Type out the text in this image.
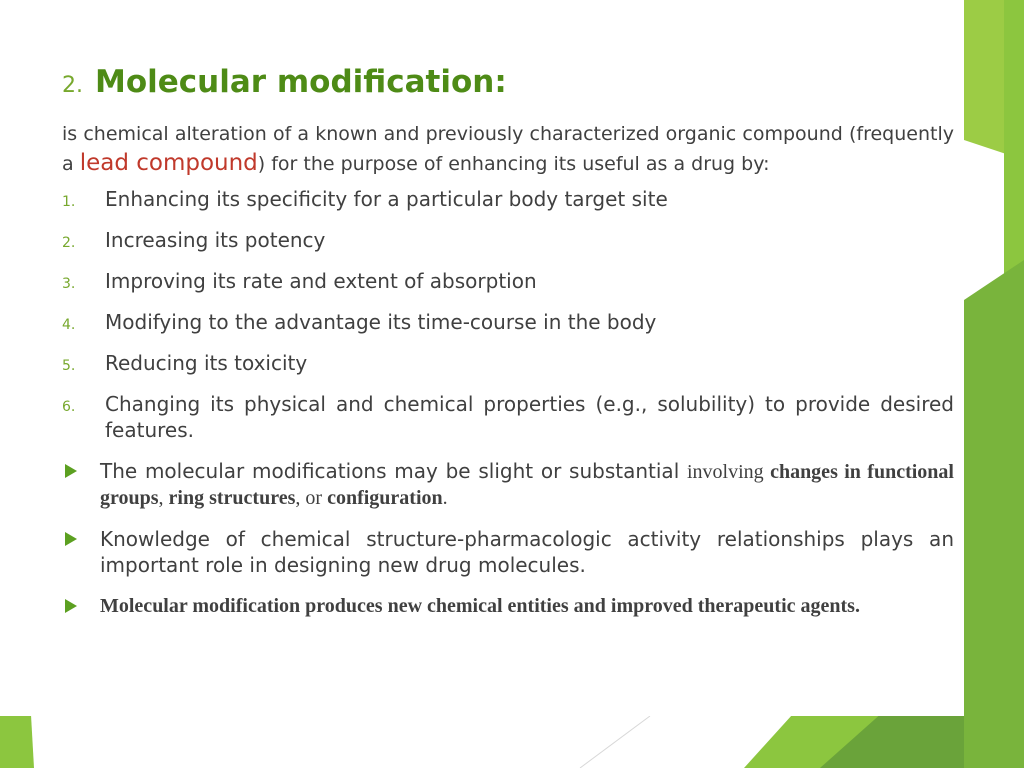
2. Molecular modification:
is chemical alteration of a known and previously characterized organic compound (frequently a lead compound) for the purpose of enhancing its useful as a drug by:
1. Enhancing its specificity for a particular body target site
2. Increasing its potency
3. Improving its rate and extent of absorption
4. Modifying to the advantage its time-course in the body
5. Reducing its toxicity
6. Changing its physical and chemical properties (e.g., solubility) to provide desired features.
The molecular modifications may be slight or substantial involving changes in functional groups, ring structures, or configuration.
Knowledge of chemical structure-pharmacologic activity relationships plays an important role in designing new drug molecules.
Molecular modification produces new chemical entities and improved therapeutic agents.
